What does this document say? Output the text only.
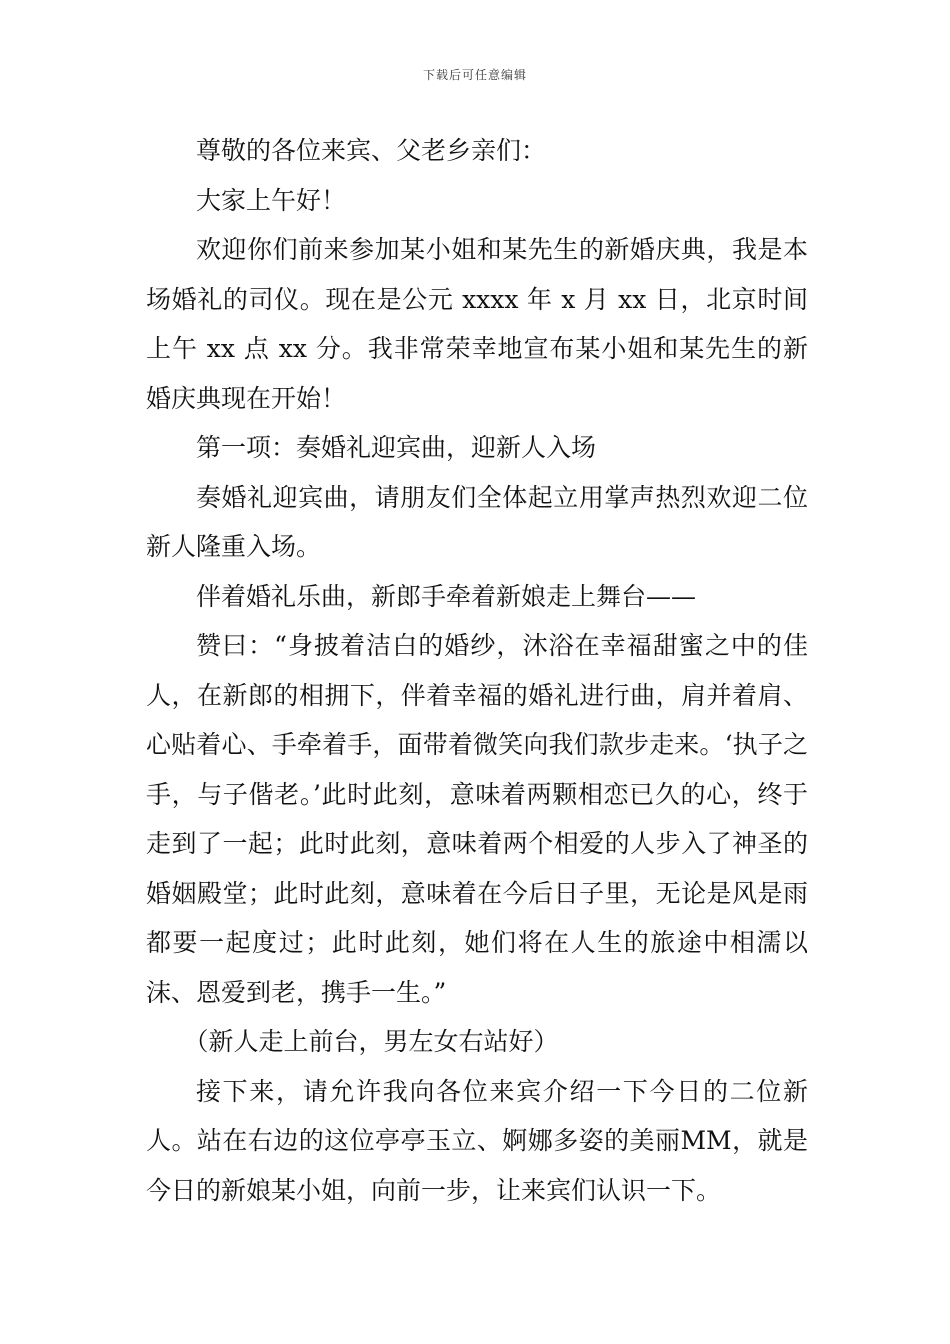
下载后可任意编辑

尊敬的各位来宾、父老乡亲们：

大家上午好！

欢迎你们前来参加某小姐和某先生的新婚庆典，我是本场婚礼的司仪。现在是公元 xxxx 年 x 月 xx 日，北京时间上午 xx 点 xx 分。我非常荣幸地宣布某小姐和某先生的新婚庆典现在开始！

第一项：奏婚礼迎宾曲，迎新人入场

奏婚礼迎宾曲，请朋友们全体起立用掌声热烈欢迎二位新人隆重入场。

伴着婚礼乐曲，新郎手牵着新娘走上舞台——

赞曰：“身披着洁白的婚纱，沐浴在幸福甜蜜之中的佳人，在新郎的相拥下，伴着幸福的婚礼进行曲，肩并着肩、心贴着心、手牵着手，面带着微笑向我们款步走来。‘执子之手，与子偕老。’此时此刻，意味着两颗相恋已久的心，终于走到了一起；此时此刻，意味着两个相爱的人步入了神圣的婚姻殿堂；此时此刻，意味着在今后日子里，无论是风是雨都要一起度过；此时此刻，她们将在人生的旅途中相濡以沫、恩爱到老，携手一生。”

（新人走上前台，男左女右站好）

接下来，请允许我向各位来宾介绍一下今日的二位新人。站在右边的这位亭亭玉立、婀娜多姿的美丽MM，就是今日的新娘某小姐，向前一步，让来宾们认识一下。
